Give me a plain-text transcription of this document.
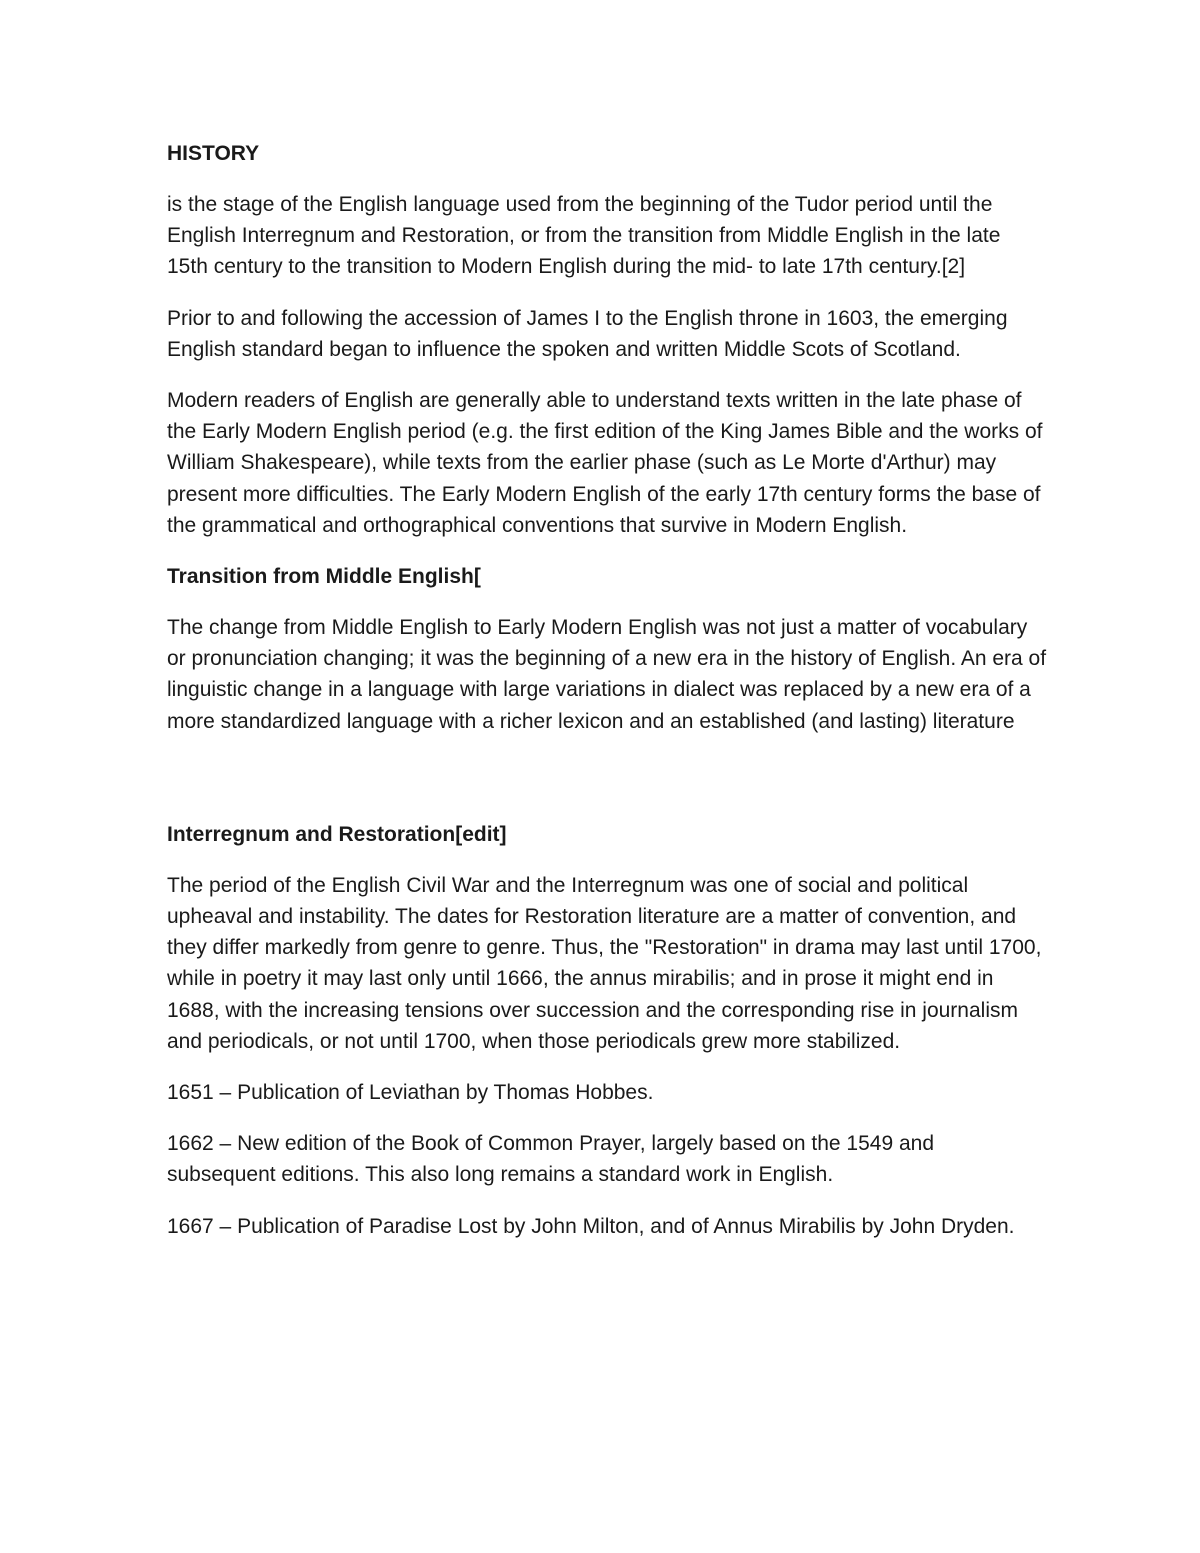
HISTORY
is the stage of the English language used from the beginning of the Tudor period until the English Interregnum and Restoration, or from the transition from Middle English in the late 15th century to the transition to Modern English during the mid- to late 17th century.[2]
Prior to and following the accession of James I to the English throne in 1603, the emerging English standard began to influence the spoken and written Middle Scots of Scotland.
Modern readers of English are generally able to understand texts written in the late phase of the Early Modern English period (e.g. the first edition of the King James Bible and the works of William Shakespeare), while texts from the earlier phase (such as Le Morte d'Arthur) may present more difficulties. The Early Modern English of the early 17th century forms the base of the grammatical and orthographical conventions that survive in Modern English.
Transition from Middle English[
The change from Middle English to Early Modern English was not just a matter of vocabulary or pronunciation changing; it was the beginning of a new era in the history of English. An era of linguistic change in a language with large variations in dialect was replaced by a new era of a more standardized language with a richer lexicon and an established (and lasting) literature
Interregnum and Restoration[edit]
The period of the English Civil War and the Interregnum was one of social and political upheaval and instability. The dates for Restoration literature are a matter of convention, and they differ markedly from genre to genre. Thus, the "Restoration" in drama may last until 1700, while in poetry it may last only until 1666, the annus mirabilis; and in prose it might end in 1688, with the increasing tensions over succession and the corresponding rise in journalism and periodicals, or not until 1700, when those periodicals grew more stabilized.
1651 – Publication of Leviathan by Thomas Hobbes.
1662 – New edition of the Book of Common Prayer, largely based on the 1549 and subsequent editions. This also long remains a standard work in English.
1667 – Publication of Paradise Lost by John Milton, and of Annus Mirabilis by John Dryden.
